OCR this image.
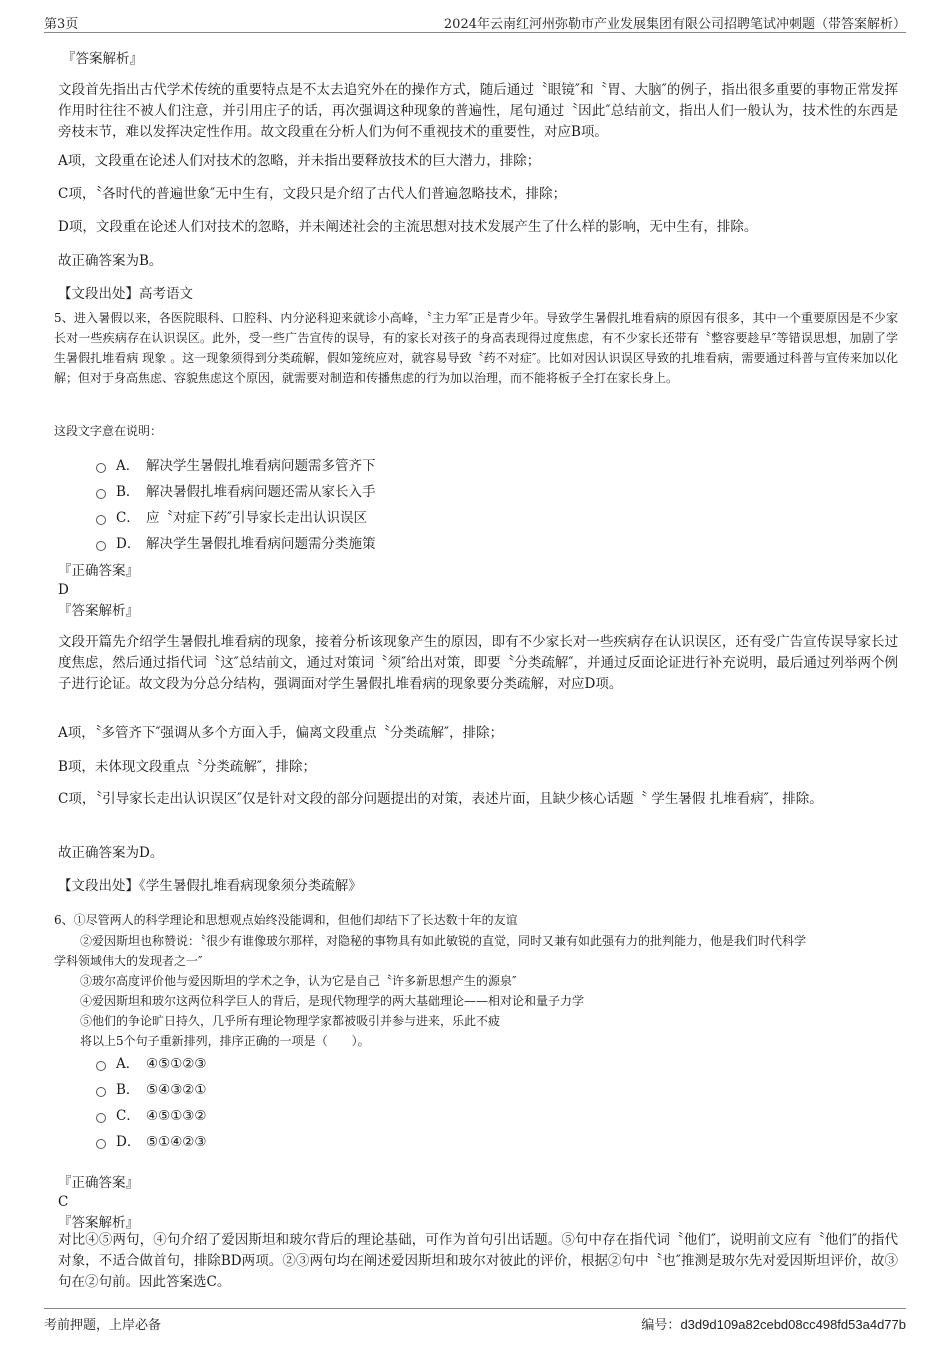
第3页	2024年云南红河州弥勒市产业发展集团有限公司招聘笔试冲刺题（带答案解析）
『答案解析』

文段首先指出古代学术传统的重要特点是不太去追究外在的操作方式，随后通过〝眼镜″和〝胃、大脑″的例子，指出很多重要的事物正常发挥作用时往往不被人们注意，并引用庄子的话，再次强调这种现象的普遍性，尾句通过〝因此″总结前文，指出人们一般认为，技术性的东西是旁枝末节，难以发挥决定性作用。故文段重在分析人们为何不重视技术的重要性，对应B项。

A项，文段重在论述人们对技术的忽略，并未指出要释放技术的巨大潜力，排除；
C项，〝各时代的普遍世象″无中生有，文段只是介绍了古代人们普遍忽略技术，排除；
D项，文段重在论述人们对技术的忽略，并未阐述社会的主流思想对技术发展产生了什么样的影响，无中生有，排除。
故正确答案为B。
【文段出处】高考语文

5、进入暑假以来，各医院眼科、口腔科、内分泌科迎来就诊小高峰，〝主力军″正是青少年。导致学生暑假扎堆看病的原因有很多，其中一个重要原因是不少家长对一些疾病存在认识误区。此外，受一些广告宣传的误导，有的家长对孩子的身高表现得过度焦虑，有不少家长还带有〝整容要趁早″等错误思想，加剧了学生暑假扎堆看病 现象 。这一现象须得到分类疏解，假如笼统应对，就容易导致〝药不对症″。比如对因认识误区导致的扎堆看病，需要通过科普与宣传来加以化解；但对于身高焦虑、容貌焦虑这个原因，就需要对制造和传播焦虑的行为加以治理，而不能将板子全打在家长身上。

这段文字意在说明：
A． 解决学生暑假扎堆看病问题需多管齐下
B． 解决暑假扎堆看病问题还需从家长入手
C． 应〝对症下药″引导家长走出认识误区
D． 解决学生暑假扎堆看病问题需分类施策
『正确答案』
D
『答案解析』

文段开篇先介绍学生暑假扎堆看病的现象，接着分析该现象产生的原因，即有不少家长对一些疾病存在认识误区，还有受广告宣传误导家长过度焦虑，然后通过指代词〝这″总结前文，通过对策词〝须″给出对策，即要〝分类疏解″，并通过反面论证进行补充说明，最后通过列举两个例子进行论证。故文段为分总分结构，强调面对学生暑假扎堆看病的现象要分类疏解，对应D项。

A项，〝多管齐下″强调从多个方面入手，偏离文段重点〝分类疏解″，排除；
B项，未体现文段重点〝分类疏解″，排除；

C项，〝引导家长走出认识误区″仅是针对文段的部分问题提出的对策，表述片面，且缺少核心话题〝 学生暑假 扎堆看病″，排除。

故正确答案为D。
【文段出处】《学生暑假扎堆看病现象须分类疏解》
6、①尽管两人的科学理论和思想观点始终没能调和，但他们却结下了长达数十年的友谊
②爱因斯坦也称赞说：〝很少有谁像玻尔那样，对隐秘的事物具有如此敏锐的直觉，同时又兼有如此强有力的批判能力，他是我们时代科学
学科领域伟大的发现者之一″
③玻尔高度评价他与爱因斯坦的学术之争，认为它是自己〝许多新思想产生的源泉″
④爱因斯坦和玻尔这两位科学巨人的背后，是现代物理学的两大基础理论——相对论和量子力学
⑤他们的争论旷日持久，几乎所有理论物理学家都被吸引并参与进来，乐此不疲
将以上5个句子重新排列，排序正确的一项是（　　）。
A． ④⑤①②③
B． ⑤④③②①
C． ④⑤①③②
D． ⑤①④②③
『正确答案』
C
『答案解析』

对比④⑤两句，④句介绍了爱因斯坦和玻尔背后的理论基础，可作为首句引出话题。⑤句中存在指代词〝他们″，说明前文应有〝他们″的指代对象，不适合做首句，排除BD两项。②③两句均在阐述爱因斯坦和玻尔对彼此的评价，根据②句中〝也″推测是玻尔先对爱因斯坦评价，故③句在②句前。因此答案选C。

考前押题，上岸必备	编号：d3d9d109a82cebd08cc498fd53a4d77b
